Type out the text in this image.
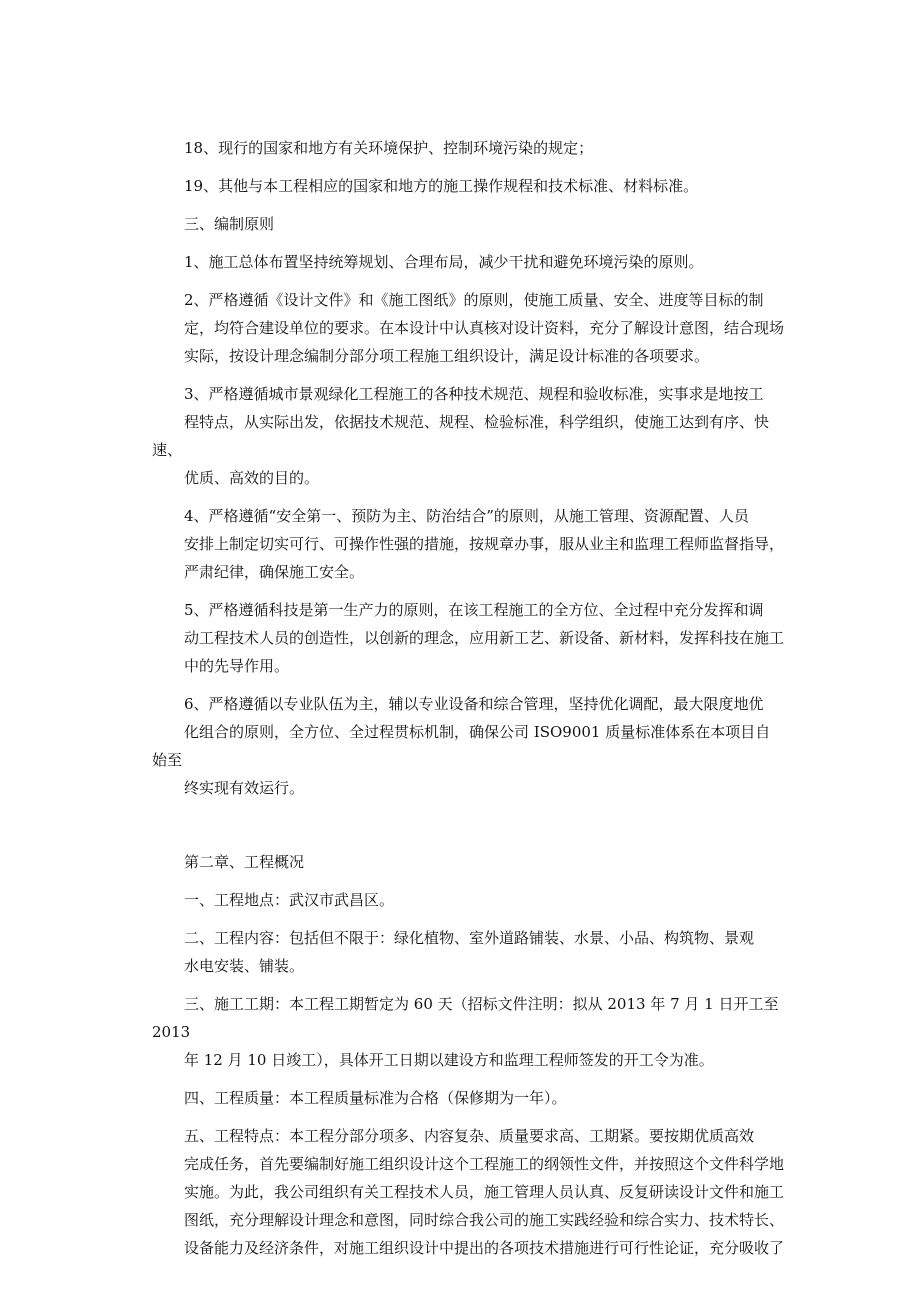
18、现行的国家和地方有关环境保护、控制环境污染的规定；

19、其他与本工程相应的国家和地方的施工操作规程和技术标准、材料标准。

三、编制原则

1、施工总体布置坚持统筹规划、合理布局，减少干扰和避免环境污染的原则。

2、严格遵循《设计文件》和《施工图纸》的原则，使施工质量、安全、进度等目标的制
定，均符合建设单位的要求。在本设计中认真核对设计资料，充分了解设计意图，结合现场
实际，按设计理念编制分部分项工程施工组织设计，满足设计标准的各项要求。

3、严格遵循城市景观绿化工程施工的各种技术规范、规程和验收标准，实事求是地按工
程特点，从实际出发，依据技术规范、规程、检验标准，科学组织，使施工达到有序、快速、
优质、高效的目的。

4、严格遵循“安全第一、预防为主、防治结合”的原则，从施工管理、资源配置、人员
安排上制定切实可行、可操作性强的措施，按规章办事，服从业主和监理工程师监督指导，
严肃纪律，确保施工安全。

5、严格遵循科技是第一生产力的原则，在该工程施工的全方位、全过程中充分发挥和调
动工程技术人员的创造性，以创新的理念，应用新工艺、新设备、新材料，发挥科技在施工
中的先导作用。

6、严格遵循以专业队伍为主，辅以专业设备和综合管理，坚持优化调配，最大限度地优
化组合的原则，全方位、全过程贯标机制，确保公司 ISO9001 质量标准体系在本项目自始至
终实现有效运行。

第二章、工程概况

一、工程地点：武汉市武昌区。

二、工程内容：包括但不限于：绿化植物、室外道路铺装、水景、小品、构筑物、景观
水电安装、铺装。

三、施工工期：本工程工期暂定为 60 天（招标文件注明：拟从 2013 年 7 月 1 日开工至 2013
年 12 月 10 日竣工），具体开工日期以建设方和监理工程师签发的开工令为准。

四、工程质量：本工程质量标准为合格（保修期为一年）。

五、工程特点：本工程分部分项多、内容复杂、质量要求高、工期紧。要按期优质高效
完成任务，首先要编制好施工组织设计这个工程施工的纲领性文件，并按照这个文件科学地
实施。为此，我公司组织有关工程技术人员，施工管理人员认真、反复研读设计文件和施工
图纸，充分理解设计理念和意图，同时综合我公司的施工实践经验和综合实力、技术特长、
设备能力及经济条件，对施工组织设计中提出的各项技术措施进行可行性论证，充分吸收了
